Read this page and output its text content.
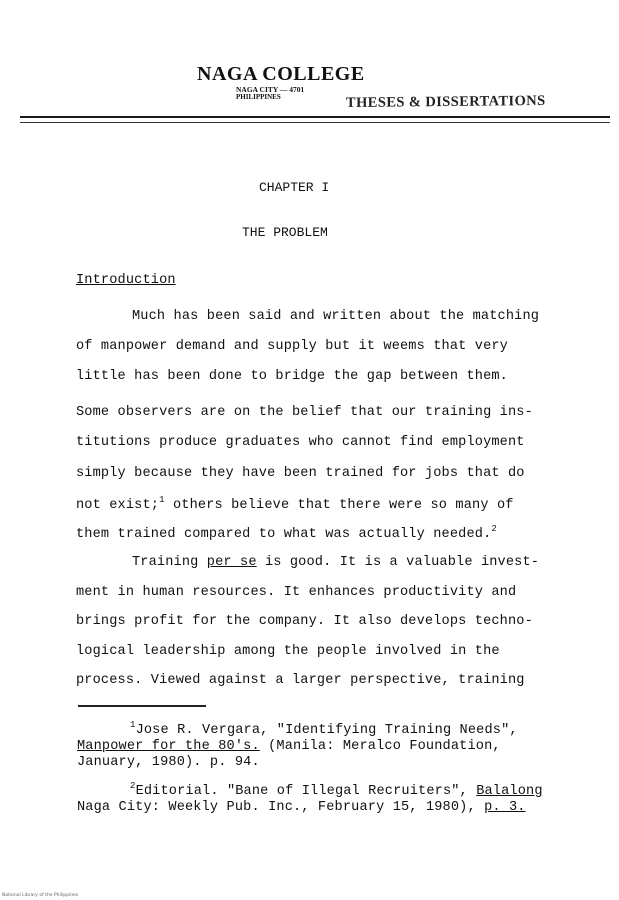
NAGA COLLEGE
NAGA CITY — 4701
PHILIPPINES	THESES & DISSERTATIONS
CHAPTER I
THE PROBLEM
Introduction
Much has been said and written about the matching
of manpower demand and supply but it weems that very
little has been done to bridge the gap between them.
Some observers are on the belief that our training ins-
titutions produce graduates who cannot find employment
simply because they have been trained for jobs that do
not exist;$^1$ others believe that there were so many of
them trained compared to what was actually needed.$^2$
Training per se is good. It is a valuable invest-
ment in human resources. It enhances productivity and
brings profit for the company. It also develops techno-
logical leadership among the people involved in the
process. Viewed against a larger perspective, training
$^1$Jose R. Vergara, "Identifying Training Needs",
Manpower for the 80's. (Manila: Meralco Foundation,
January, 1980). p. 94.
$^2$Editorial. "Bane of Illegal Recruiters", Balalong
Naga City: Weekly Pub. Inc., February 15, 1980), p. 3.
National Library of the Philippines
